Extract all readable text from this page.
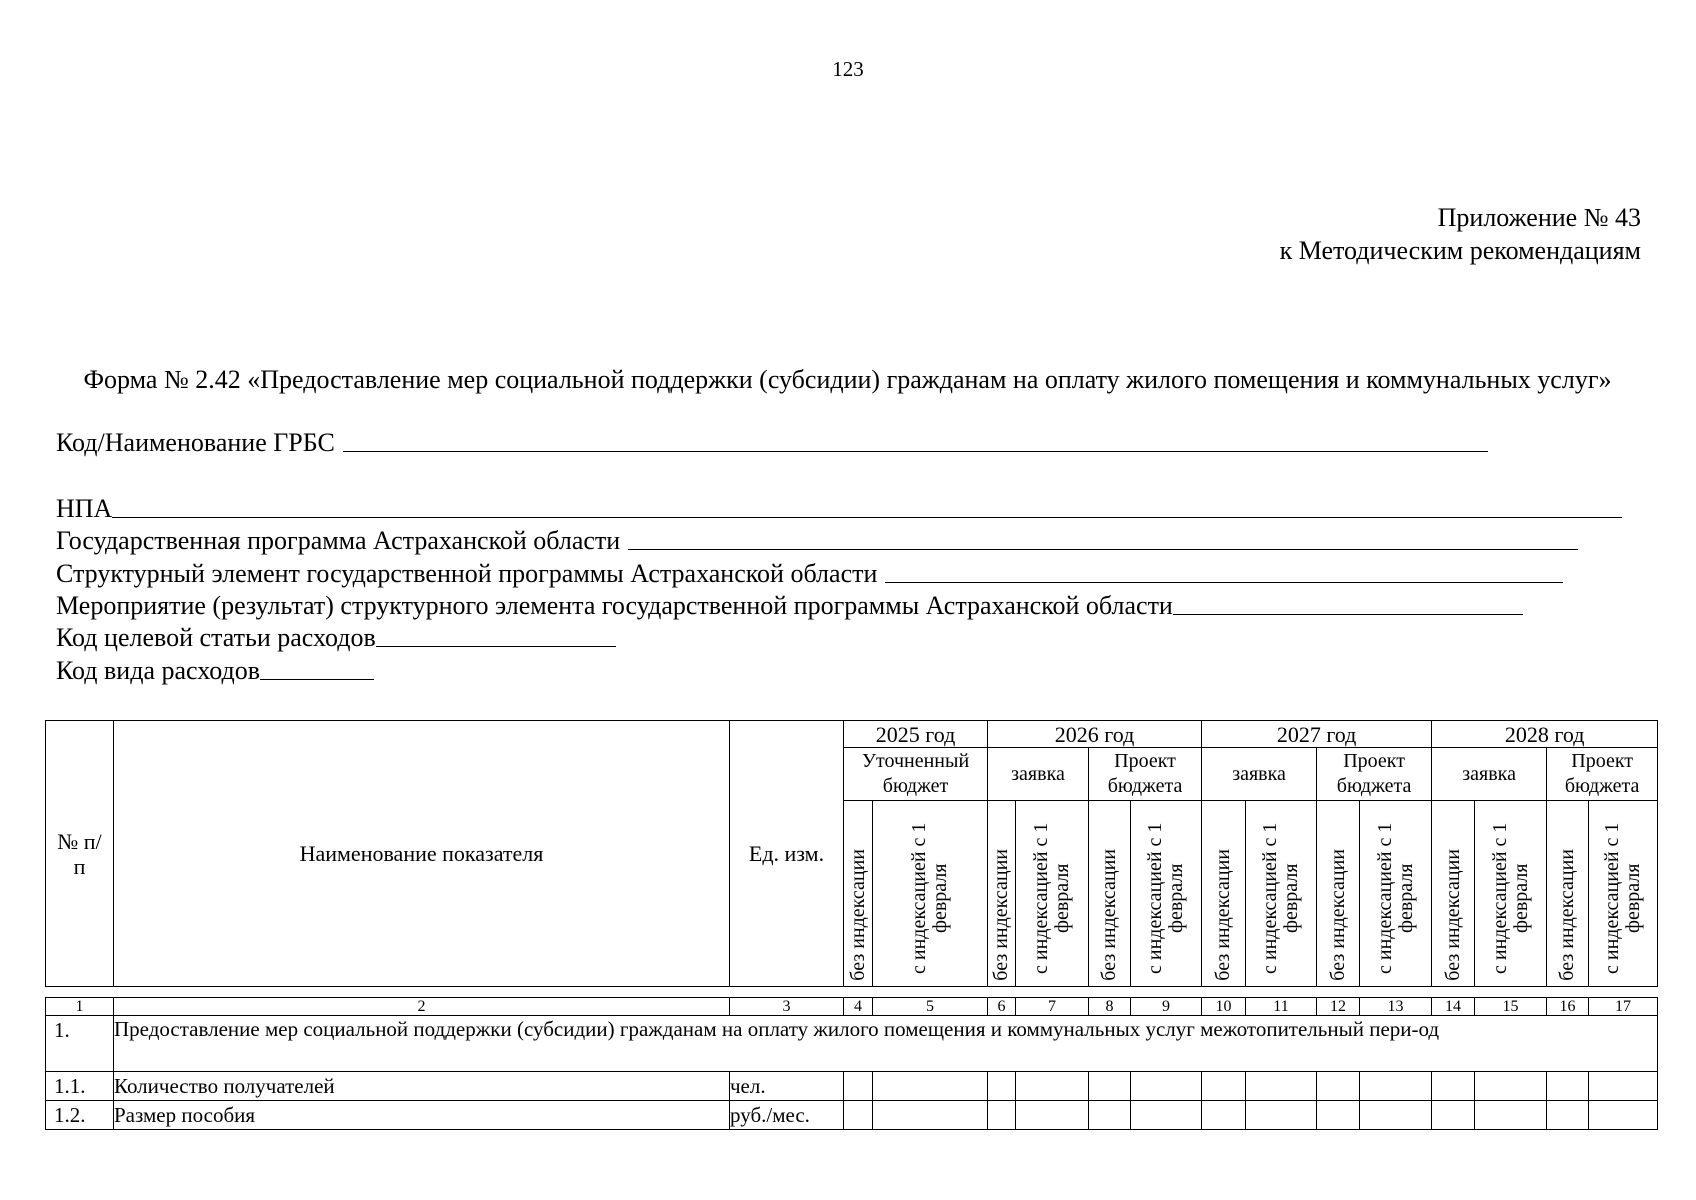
123
Приложение № 43
к Методическим рекомендациям
Форма № 2.42 «Предоставление мер социальной поддержки (субсидии) гражданам на оплату жилого помещения и коммунальных услуг»
Код/Наименование ГРБС
НПА
Государственная программа Астраханской области
Структурный элемент государственной программы Астраханской области
Мероприятие (результат) структурного элемента государственной программы Астраханской области
Код целевой статьи расходов
Код вида расходов
№ п/п	Наименование показателя	Ед. изм.	2025 год		2026 год				2027 год				2028 год			
			Уточненный бюджет		заявка		Проект бюджета		заявка		Проект бюджета		заявка		Проект бюджета	
			без индексации	с индексацией с 1 февраля	без индексации	с индексацией с 1 февраля	без индексации	с индексацией с 1 февраля	без индексации	с индексацией с 1 февраля	без индексации	с индексацией с 1 февраля	без индексации	с индексацией с 1 февраля	без индексации	с индексацией с 1 февраля
1	2	3	4	5	6	7	8	9	10	11	12	13	14	15	16	17
1.	Предоставление мер социальной поддержки (субсидии) гражданам на оплату жилого помещения и коммунальных услуг межотопительный пери-од															
1.1.	Количество получателей	чел.														
1.2.	Размер пособия	руб./мес.														
